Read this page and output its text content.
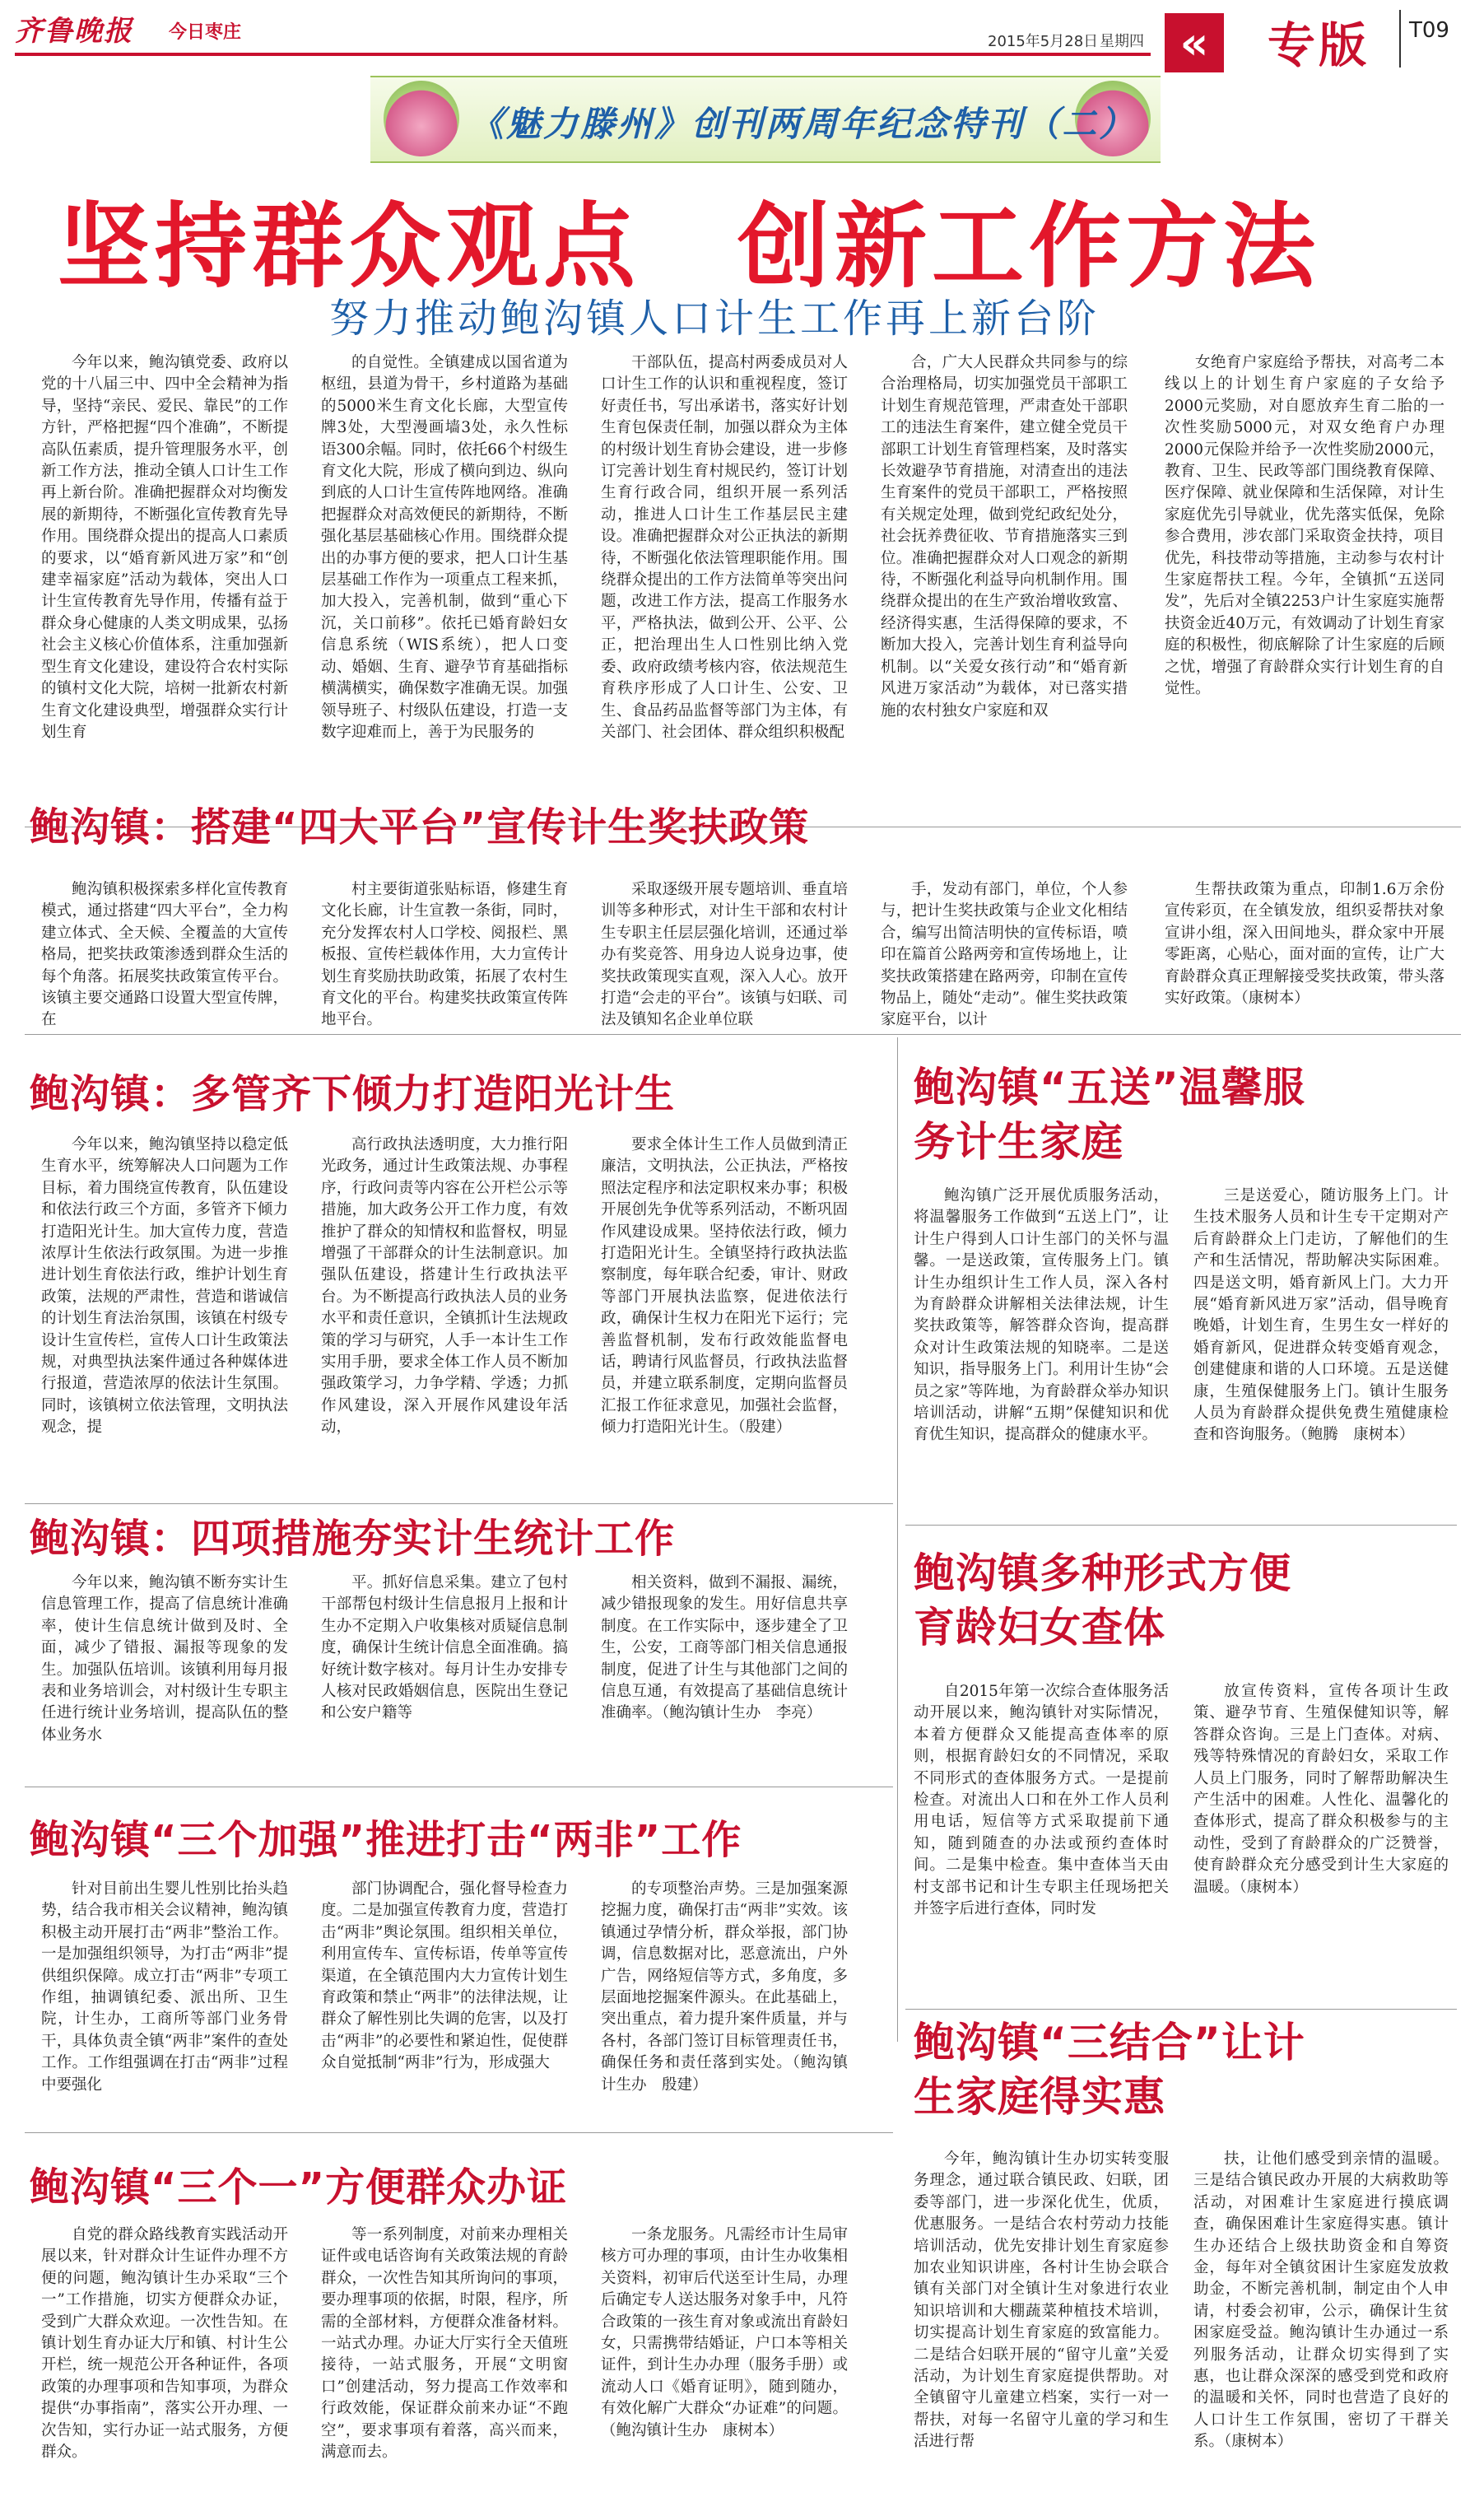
齐鲁晚报 今日枣庄	2015年5月28日 星期四 «	专版 T09
《魅力滕州》创刊两周年纪念特刊（二）
坚持群众观点　创新工作方法
努力推动鲍沟镇人口计生工作再上新台阶

今年以来，鲍沟镇党委、政府以党的十八届三中、四中全会精神为指导，坚持“亲民、爱民、靠民”的工作方针，严格把握“四个准确”，不断提高队伍素质，提升管理服务水平，创新工作方法，推动全镇人口计生工作再上新台阶。准确把握群众对均衡发展的新期待，不断强化宣传教育先导作用。围绕群众提出的提高人口素质的要求，以“婚育新风进万家”和“创建幸福家庭”活动为载体，突出人口计生宣传教育先导作用，传播有益于群众身心健康的人类文明成果，弘扬社会主义核心价值体系，注重加强新型生育文化建设，建设符合农村实际的镇村文化大院，培树一批新农村新生育文化建设典型，增强群众实行计划生育

的自觉性。全镇建成以国省道为枢纽，县道为骨干，乡村道路为基础的5000米生育文化长廊，大型宣传牌3处，大型漫画墙3处，永久性标语300余幅。同时，依托66个村级生育文化大院，形成了横向到边、纵向到底的人口计生宣传阵地网络。准确把握群众对高效便民的新期待，不断强化基层基础核心作用。围绕群众提出的办事方便的要求，把人口计生基层基础工作作为一项重点工程来抓，加大投入，完善机制，做到“重心下沉，关口前移”。依托已婚育龄妇女信息系统（WIS系统），把人口变动、婚姻、生育、避孕节育基础指标横满横实，确保数字准确无误。加强领导班子、村级队伍建设，打造一支数字迎难而上，善于为民服务的

干部队伍，提高村两委成员对人口计生工作的认识和重视程度，签订好责任书，写出承诺书，落实好计划生育包保责任制，加强以群众为主体的村级计划生育协会建设，进一步修订完善计划生育村规民约，签订计划生育行政合同，组织开展一系列活动，推进人口计生工作基层民主建设。准确把握群众对公正执法的新期待，不断强化依法管理职能作用。围绕群众提出的工作方法简单等突出问题，改进工作方法，提高工作服务水平，严格执法，做到公开、公平、公正，把治理出生人口性别比纳入党委、政府政绩考核内容，依法规范生育秩序形成了人口计生、公安、卫生、食品药品监督等部门为主体，有关部门、社会团体、群众组织积极配

合，广大人民群众共同参与的综合治理格局，切实加强党员干部职工计划生育规范管理，严肃查处干部职工的违法生育案件，建立健全党员干部职工计划生育管理档案，及时落实长效避孕节育措施，对清查出的违法生育案件的党员干部职工，严格按照有关规定处理，做到党纪政纪处分，社会抚养费征收、节育措施落实三到位。准确把握群众对人口观念的新期待，不断强化利益导向机制作用。围绕群众提出的在生产致治增收致富、经济得实惠，生活得保障的要求，不断加大投入，完善计划生育利益导向机制。以“关爱女孩行动”和“婚育新风进万家活动”为载体，对已落实措施的农村独女户家庭和双

女绝育户家庭给予帮扶，对高考二本线以上的计划生育户家庭的子女给予2000元奖励，对自愿放弃生育二胎的一次性奖励5000元，对双女绝育户办理2000元保险并给予一次性奖励2000元，教育、卫生、民政等部门围绕教育保障、医疗保障、就业保障和生活保障，对计生家庭优先引导就业，优先落实低保，免除参合费用，涉农部门采取资金扶持，项目优先，科技带动等措施，主动参与农村计生家庭帮扶工程。今年，全镇抓“五送同发”，先后对全镇2253户计生家庭实施帮扶资金近40万元，有效调动了计划生育家庭的积极性，彻底解除了计生家庭的后顾之忧，增强了育龄群众实行计划生育的自觉性。

鲍沟镇：搭建“四大平台”宣传计生奖扶政策

鲍沟镇积极探索多样化宣传教育模式，通过搭建“四大平台”，全力构建立体式、全天候、全覆盖的大宣传格局，把奖扶政策渗透到群众生活的每个角落。拓展奖扶政策宣传平台。该镇主要交通路口设置大型宣传牌，在

村主要街道张贴标语，修建生育文化长廊，计生宣教一条街，同时，充分发挥农村人口学校、阅报栏、黑板报、宣传栏载体作用，大力宣传计划生育奖励扶助政策，拓展了农村生育文化的平台。构建奖扶政策宣传阵地平台。

采取逐级开展专题培训、垂直培训等多种形式，对计生干部和农村计生专职主任层层强化培训，还通过举办有奖竞答、用身边人说身边事，使奖扶政策现实直观，深入人心。放开打造“会走的平台”。该镇与妇联、司法及镇知名企业单位联

手，发动有部门，单位，个人参与，把计生奖扶政策与企业文化相结合，编写出简洁明快的宣传标语，喷印在篇首公路两旁和宣传场地上，让奖扶政策搭建在路两旁，印制在宣传物品上，随处“走动”。催生奖扶政策家庭平台，以计

生帮扶政策为重点，印制1.6万余份宣传彩页，在全镇发放，组织妥帮扶对象宣讲小组，深入田间地头，群众家中开展零距离，心贴心，面对面的宣传，让广大育龄群众真正理解接受奖扶政策，带头落实好政策。（康树本）

鲍沟镇：多管齐下倾力打造阳光计生

今年以来，鲍沟镇坚持以稳定低生育水平，统筹解决人口问题为工作目标，着力围绕宣传教育，队伍建设和依法行政三个方面，多管齐下倾力打造阳光计生。加大宣传力度，营造浓厚计生依法行政氛围。为进一步推进计划生育依法行政，维护计划生育政策，法规的严肃性，营造和谐诚信的计划生育法治氛围，该镇在村级专设计生宣传栏，宣传人口计生政策法规，对典型执法案件通过各种媒体进行报道，营造浓厚的依法计生氛围。同时，该镇树立依法管理，文明执法观念，提

高行政执法透明度，大力推行阳光政务，通过计生政策法规、办事程序，行政问责等内容在公开栏公示等措施，加大政务公开工作力度，有效推护了群众的知情权和监督权，明显增强了干部群众的计生法制意识。加强队伍建设，搭建计生行政执法平台。为不断提高行政执法人员的业务水平和责任意识，全镇抓计生法规政策的学习与研究，人手一本计生工作实用手册，要求全体工作人员不断加强政策学习，力争学精、学透；力抓作风建设，深入开展作风建设年活动，

要求全体计生工作人员做到清正廉洁，文明执法，公正执法，严格按照法定程序和法定职权来办事；积极开展创先争优等系列活动，不断巩固作风建设成果。坚持依法行政，倾力打造阳光计生。全镇坚持行政执法监察制度，每年联合纪委，审计、财政等部门开展执法监察，促进依法行政，确保计生权力在阳光下运行；完善监督机制，发布行政效能监督电话，聘请行风监督员，行政执法监督员，并建立联系制度，定期向监督员汇报工作征求意见，加强社会监督，倾力打造阳光计生。（殷建）

鲍沟镇“五送”温馨服务计生家庭

鲍沟镇广泛开展优质服务活动，将温馨服务工作做到“五送上门”，让计生户得到人口计生部门的关怀与温馨。一是送政策，宣传服务上门。镇计生办组织计生工作人员，深入各村为育龄群众讲解相关法律法规，计生奖扶政策等，解答群众咨询，提高群众对计生政策法规的知晓率。二是送知识，指导服务上门。利用计生协“会员之家”等阵地，为育龄群众举办知识培训活动，讲解“五期”保健知识和优育优生知识，提高群众的健康水平。

三是送爱心，随访服务上门。计生技术服务人员和计生专干定期对产后育龄群众上门走访，了解他们的生产和生活情况，帮助解决实际困难。四是送文明，婚育新风上门。大力开展“婚育新风进万家”活动，倡导晚育晚婚，计划生育，生男生女一样好的婚育新风，促进群众转变婚育观念，创建健康和谐的人口环境。五是送健康，生殖保健服务上门。镇计生服务人员为育龄群众提供免费生殖健康检查和咨询服务。（鲍腾　康树本）

鲍沟镇：四项措施夯实计生统计工作

今年以来，鲍沟镇不断夯实计生信息管理工作，提高了信息统计准确率，使计生信息统计做到及时、全面，减少了错报、漏报等现象的发生。加强队伍培训。该镇利用每月报表和业务培训会，对村级计生专职主任进行统计业务培训，提高队伍的整体业务水

平。抓好信息采集。建立了包村干部帮包村级计生信息报月上报和计生办不定期入户收集核对质疑信息制度，确保计生统计信息全面准确。搞好统计数字核对。每月计生办安排专人核对民政婚姻信息，医院出生登记和公安户籍等

相关资料，做到不漏报、漏统，减少错报现象的发生。用好信息共享制度。在工作实际中，逐步建全了卫生，公安，工商等部门相关信息通报制度，促进了计生与其他部门之间的信息互通，有效提高了基础信息统计准确率。（鲍沟镇计生办　李亮）

鲍沟镇多种形式方便育龄妇女查体

自2015年第一次综合查体服务活动开展以来，鲍沟镇针对实际情况，本着方便群众又能提高查体率的原则，根据育龄妇女的不同情况，采取不同形式的查体服务方式。一是提前检查。对流出人口和在外工作人员利用电话，短信等方式采取提前下通知，随到随查的办法或预约查体时间。二是集中检查。集中查体当天由村支部书记和计生专职主任现场把关并签字后进行查体，同时发

放宣传资料，宣传各项计生政策、避孕节育、生殖保健知识等，解答群众咨询。三是上门查体。对病、残等特殊情况的育龄妇女，采取工作人员上门服务，同时了解帮助解决生产生活中的困难。人性化、温馨化的查体形式，提高了群众积极参与的主动性，受到了育龄群众的广泛赞誉，使育龄群众充分感受到计生大家庭的温暖。（康树本）

鲍沟镇“三个加强”推进打击“两非”工作

针对目前出生婴儿性别比抬头趋势，结合我市相关会议精神，鲍沟镇积极主动开展打击“两非”整治工作。一是加强组织领导，为打击“两非”提供组织保障。成立打击“两非”专项工作组，抽调镇纪委、派出所、卫生院，计生办，工商所等部门业务骨干，具体负责全镇“两非”案件的查处工作。工作组强调在打击“两非”过程中要强化

部门协调配合，强化督导检查力度。二是加强宣传教育力度，营造打击“两非”舆论氛围。组织相关单位，利用宣传车、宣传标语，传单等宣传渠道，在全镇范围内大力宣传计划生育政策和禁止“两非”的法律法规，让群众了解性别比失调的危害，以及打击“两非”的必要性和紧迫性，促使群众自觉抵制“两非”行为，形成强大

的专项整治声势。三是加强案源挖掘力度，确保打击“两非”实效。该镇通过孕情分析，群众举报，部门协调，信息数据对比，恶意流出，户外广告，网络短信等方式，多角度，多层面地挖掘案件源头。在此基础上，突出重点，着力提升案件质量，并与各村，各部门签订目标管理责任书，确保任务和责任落到实处。（鲍沟镇计生办　殷建）

鲍沟镇“三结合”让计生家庭得实惠

今年，鲍沟镇计生办切实转变服务理念，通过联合镇民政、妇联，团委等部门，进一步深化优生，优质，优惠服务。一是结合农村劳动力技能培训活动，优先安排计划生育家庭参加农业知识讲座，各村计生协会联合镇有关部门对全镇计生对象进行农业知识培训和大棚蔬菜种植技术培训，切实提高计划生育家庭的致富能力。二是结合妇联开展的“留守儿童”关爱活动，为计划生育家庭提供帮助。对全镇留守儿童建立档案，实行一对一帮扶，对每一名留守儿童的学习和生活进行帮

扶，让他们感受到亲情的温暖。三是结合镇民政办开展的大病救助等活动，对困难计生家庭进行摸底调查，确保困难计生家庭得实惠。镇计生办还结合上级扶助资金和自筹资金，每年对全镇贫困计生家庭发放救助金，不断完善机制，制定由个人申请，村委会初审，公示，确保计生贫困家庭受益。鲍沟镇计生办通过一系列服务活动，让群众切实得到了实惠，也让群众深深的感受到党和政府的温暖和关怀，同时也营造了良好的人口计生工作氛围，密切了干群关系。（康树本）

鲍沟镇“三个一”方便群众办证

自党的群众路线教育实践活动开展以来，针对群众计生证件办理不方便的问题，鲍沟镇计生办采取“三个一”工作措施，切实方便群众办证，受到广大群众欢迎。一次性告知。在镇计划生育办证大厅和镇、村计生公开栏，统一规范公开各种证件，各项政策的办理事项和告知事项，为群众提供“办事指南”，落实公开办理、一次告知，实行办证一站式服务，方便群众。

等一系列制度，对前来办理相关证件或电话咨询有关政策法规的育龄群众，一次性告知其所询问的事项，要办理事项的依据，时限，程序，所需的全部材料，方便群众准备材料。一站式办理。办证大厅实行全天值班接待，一站式服务，开展“文明窗口”创建活动，努力提高工作效率和行政效能，保证群众前来办证“不跑空”，要求事项有着落，高兴而来，满意而去。

一条龙服务。凡需经市计生局审核方可办理的事项，由计生办收集相关资料，初审后代送至计生局，办理后确定专人送达服务对象手中，凡符合政策的一孩生育对象或流出育龄妇女，只需携带结婚证，户口本等相关证件，到计生办办理（服务手册）或流动人口《婚育证明》，随到随办，有效化解广大群众“办证难”的问题。（鲍沟镇计生办　康树本）
